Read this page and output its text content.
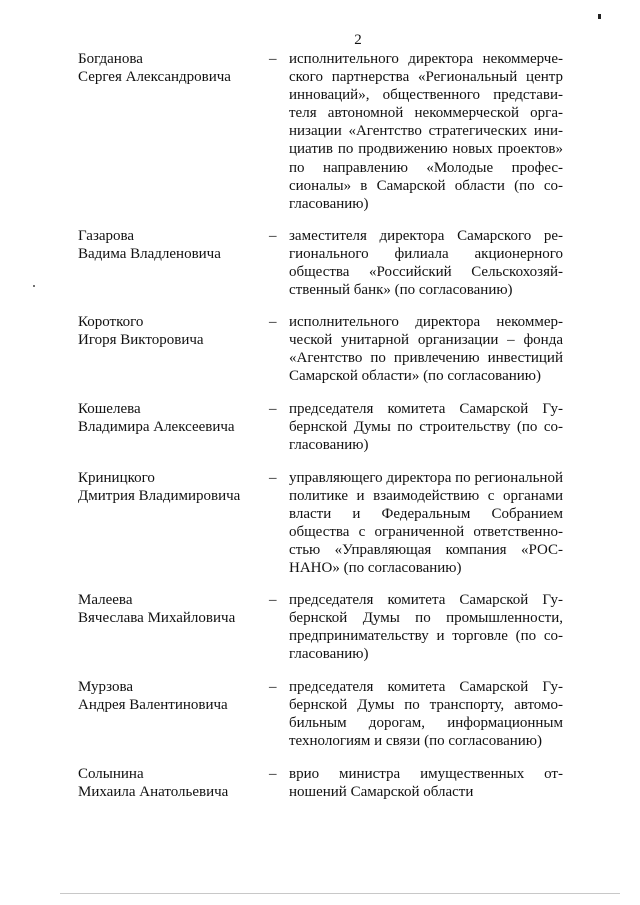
2
Богданова
Сергея Александровича
– исполнительного директора некоммерче-
ского партнерства «Региональный центр
инноваций», общественного представи-
теля автономной некоммерческой орга-
низации «Агентство стратегических ини-
циатив по продвижению новых проектов»
по направлению «Молодые профес-
сионалы» в Самарской области (по со-
гласованию)
Газарова
Вадима Владленовича
– заместителя директора Самарского ре-
гионального филиала акционерного
общества «Российский Сельскохозяй-
ственный банк» (по согласованию)
Короткого
Игоря Викторовича
– исполнительного директора некоммер-
ческой унитарной организации – фонда
«Агентство по привлечению инвестиций
Самарской области» (по согласованию)
Кошелева
Владимира Алексеевича
– председателя комитета Самарской Гу-
бернской Думы по строительству (по со-
гласованию)
Криницкого
Дмитрия Владимировича
– управляющего директора по региональной
политике и взаимодействию с органами
власти и Федеральным Собранием
общества с ограниченной ответственно-
стью «Управляющая компания «РОС-
НАНО» (по согласованию)
Малеева
Вячеслава Михайловича
– председателя комитета Самарской Гу-
бернской Думы по промышленности,
предпринимательству и торговле (по со-
гласованию)
Мурзова
Андрея Валентиновича
– председателя комитета Самарской Гу-
бернской Думы по транспорту, автомо-
бильным дорогам, информационным
технологиям и связи (по согласованию)
Солынина
Михаила Анатольевича
– врио министра имущественных от-
ношений Самарской области
